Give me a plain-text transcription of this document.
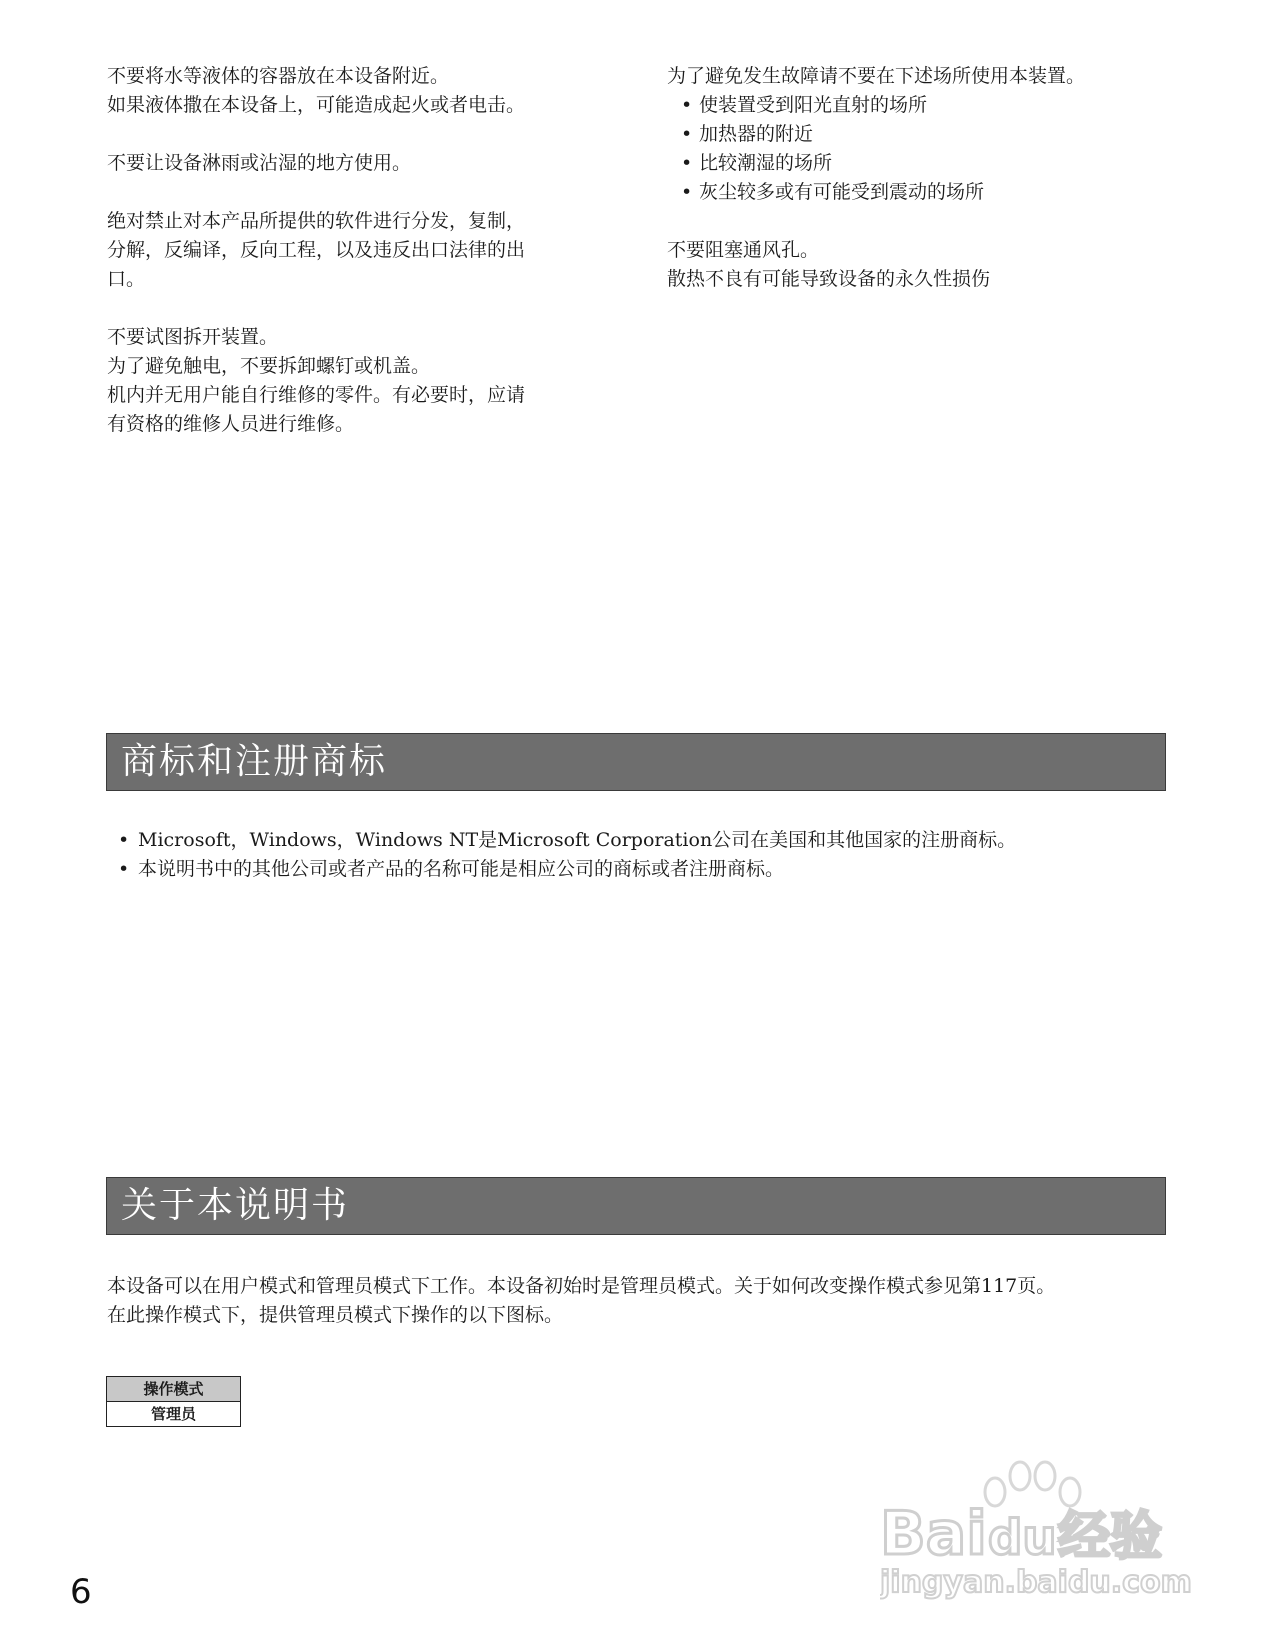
不要将水等液体的容器放在本设备附近。
如果液体撒在本设备上，可能造成起火或者电击。

不要让设备淋雨或沾湿的地方使用。

绝对禁止对本产品所提供的软件进行分发，复制，
分解，反编译，反向工程，以及违反出口法律的出
口。

不要试图拆开装置。
为了避免触电，不要拆卸螺钉或机盖。
机内并无用户能自行维修的零件。有必要时，应请
有资格的维修人员进行维修。

为了避免发生故障请不要在下述场所使用本装置。

• 使装置受到阳光直射的场所
• 加热器的附近
• 比较潮湿的场所
• 灰尘较多或有可能受到震动的场所

不要阻塞通风孔。
散热不良有可能导致设备的永久性损伤

商标和注册商标
• Microsoft，Windows，Windows NT是Microsoft Corporation公司在美国和其他国家的注册商标。
• 本说明书中的其他公司或者产品的名称可能是相应公司的商标或者注册商标。
关于本说明书
本设备可以在用户模式和管理员模式下工作。本设备初始时是管理员模式。关于如何改变操作模式参见第117页。
在此操作模式下，提供管理员模式下操作的以下图标。
操作模式
管理员
6
Bai du 经验
jingyan.baidu.com
